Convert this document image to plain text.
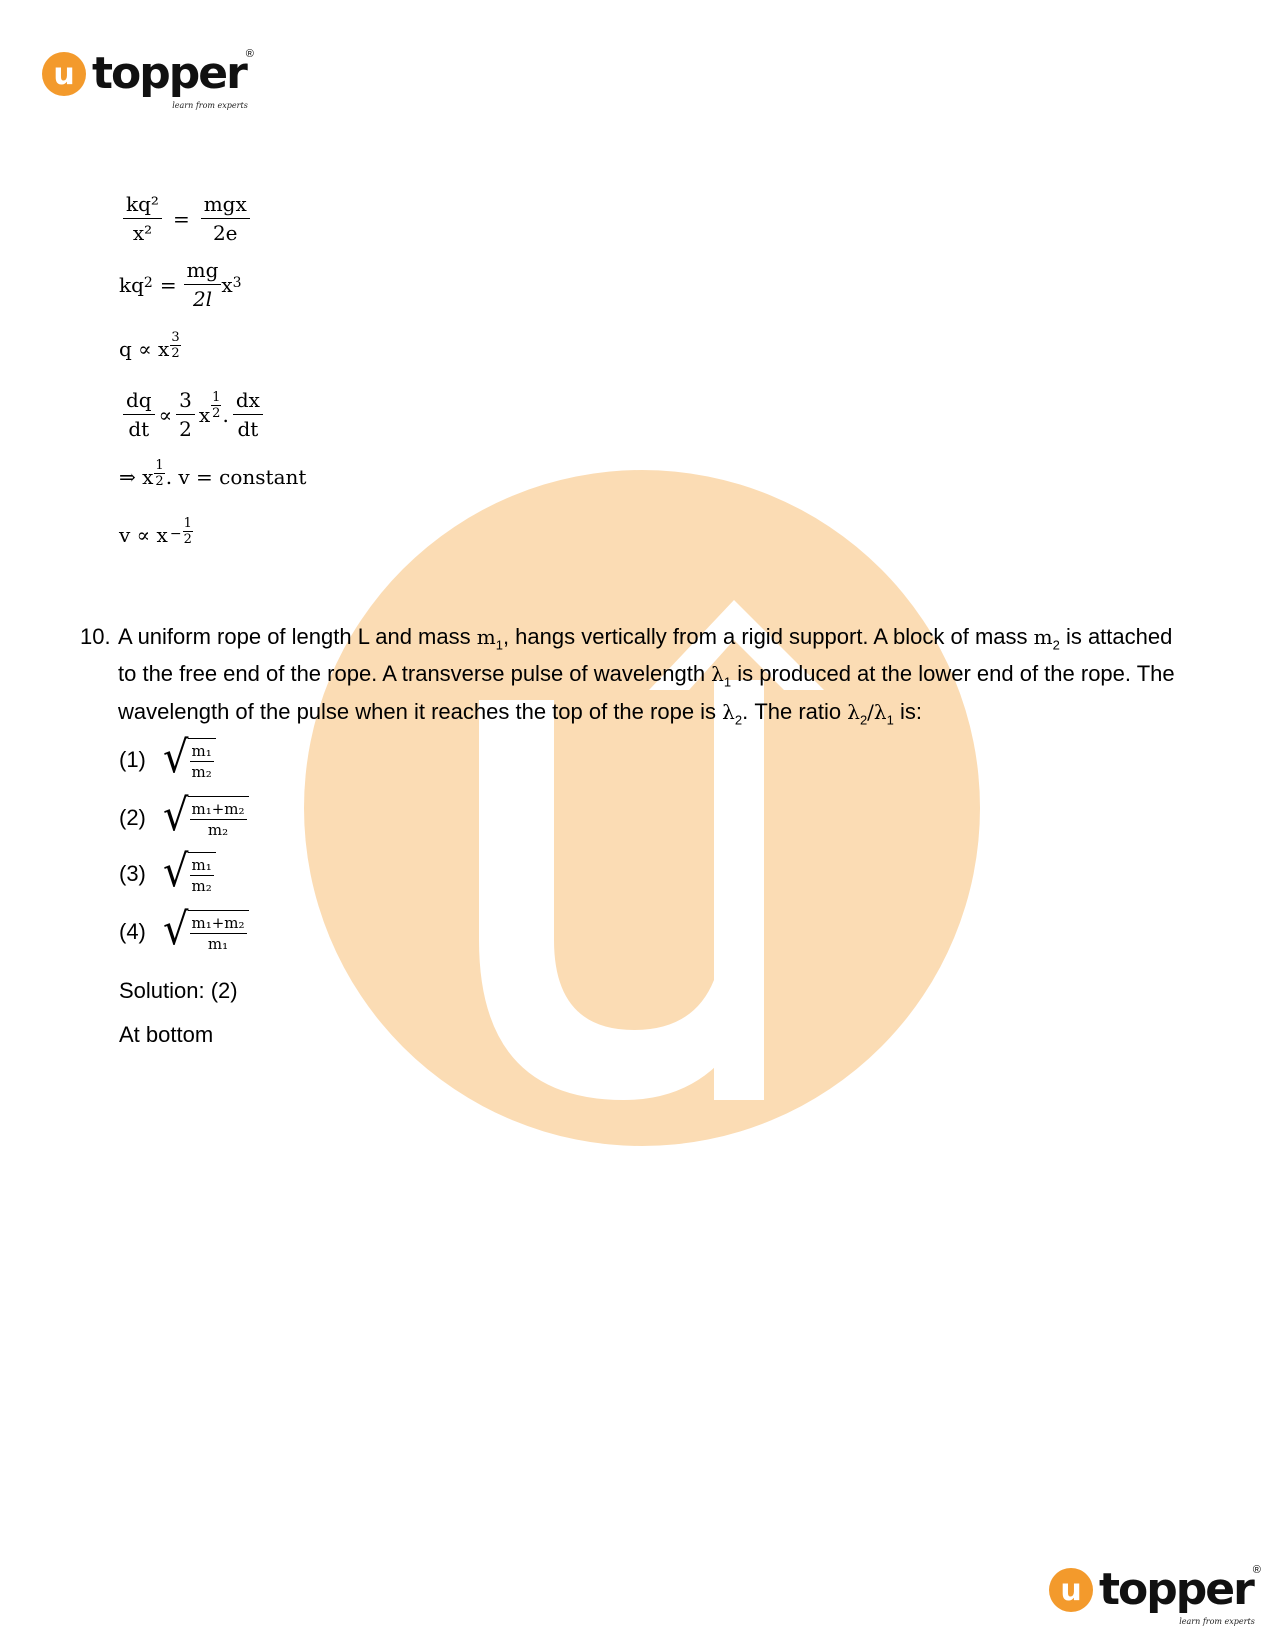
u topper ®
learn from experts
$\frac{\text{kq²}}{\text{x²}} = \frac{\text{mgx}}{2e}$
kq $2 = \frac{mg}{2l}$ x 3
q ∝ x $\frac{3}{2}$
$\frac{dq}{dt} \propto \frac{3}{2}$ x $\frac{1}{2}$ . $\frac{dx}{dt}$
⇒ x $\frac{1}{2}$ . v = constant
$v \propto x - \frac{1}{2}$
10. A uniform rope of length L and mass $m_1$, hangs vertically from a rigid support. A block of mass $m_2$ is attached to the free end of the rope. A transverse pulse of wavelength $\lambda_1$ is produced at the lower end of the rope. The wavelength of the pulse when it reaches the top of the rope is $\lambda_2$. The ratio $\lambda_2/\lambda_1$ is:
(1) √ $\frac{\text{m₁}}{\text{m₂}}$
(2) √ $\frac{\text{m₁+m₂}}{\text{m₂}}$
(3) √ $\frac{\text{m₁}}{\text{m₂}}$
(4) √ $\frac{\text{m₁+m₂}}{\text{m₁}}$
Solution: (2)
At bottom
u topper ®
learn from experts
